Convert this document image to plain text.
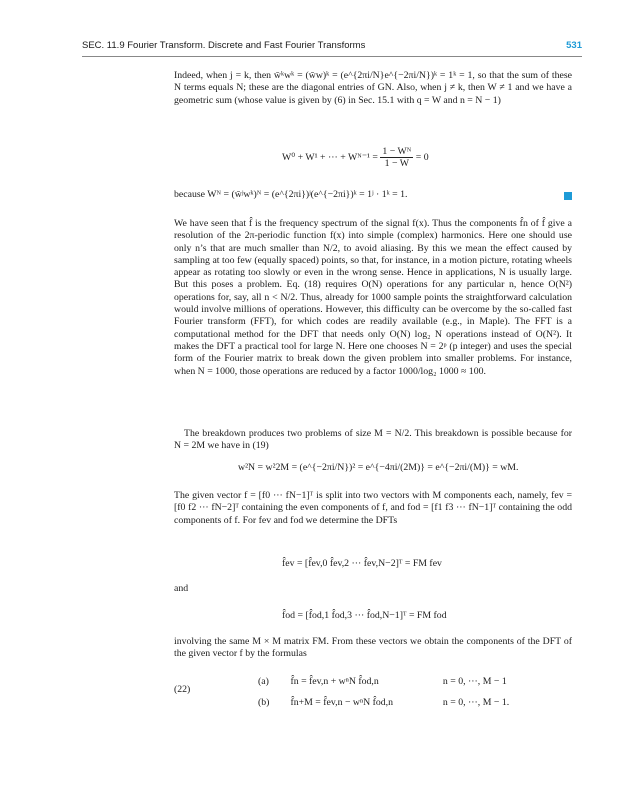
SEC. 11.9 Fourier Transform. Discrete and Fast Fourier Transforms	531

Indeed, when j = k, then w̄ᵏwᵏ = (w̄w)ᵏ = (e^{2πi/N}e^{−2πi/N})ᵏ = 1ᵏ = 1, so that the sum of these N terms equals N; these are the diagonal entries of GN. Also, when j ≠ k, then W ≠ 1 and we have a geometric sum (whose value is given by (6) in Sec. 15.1 with q = W and n = N − 1)

W⁰ + W¹ + ··· + Wᴺ⁻¹ = $\frac{\text{1 − Wᴺ}}{1 - W} = 0$

because Wᴺ = (w̄ʲwᵏ)ᴺ = (e^{2πi})ʲ(e^{−2πi})ᵏ = 1ʲ · 1ᵏ = 1.

We have seen that f̂ is the frequency spectrum of the signal f(x). Thus the components f̂n of f̂ give a resolution of the 2π-periodic function f(x) into simple (complex) harmonics. Here one should use only n’s that are much smaller than N/2, to avoid aliasing. By this we mean the effect caused by sampling at too few (equally spaced) points, so that, for instance, in a motion picture, rotating wheels appear as rotating too slowly or even in the wrong sense. Hence in applications, N is usually large. But this poses a problem. Eq. (18) requires O(N) operations for any particular n, hence O(N²) operations for, say, all n < N/2. Thus, already for 1000 sample points the straightforward calculation would involve millions of operations. However, this difficulty can be overcome by the so-called fast Fourier transform (FFT), for which codes are readily available (e.g., in Maple). The FFT is a computational method for the DFT that needs only O(N) log₂ N operations instead of O(N²). It makes the DFT a practical tool for large N. Here one chooses N = 2ᵖ (p integer) and uses the special form of the Fourier matrix to break down the given problem into smaller problems. For instance, when N = 1000, those operations are reduced by a factor 1000/log₂ 1000 ≈ 100.

The breakdown produces two problems of size M = N/2. This breakdown is possible because for N = 2M we have in (19)

w²N = w²2M = (e^{−2πi/N})² = e^{−4πi/(2M)} = e^{−2πi/(M)} = wM.

The given vector f = [f0 ··· fN−1]ᵀ is split into two vectors with M components each, namely, fev = [f0 f2 ··· fN−2]ᵀ containing the even components of f, and fod = [f1 f3 ··· fN−1]ᵀ containing the odd components of f. For fev and fod we determine the DFTs

f̂ev = [f̂ev,0 f̂ev,2 ··· f̂ev,N−2]ᵀ = FM fev

and

f̂od = [f̂od,1 f̂od,3 ··· f̂od,N−1]ᵀ = FM fod

involving the same M × M matrix FM. From these vectors we obtain the components of the DFT of the given vector f by the formulas

(22)
(a) f̂n = f̂ev,n + wⁿN f̂od,n	n = 0, ···, M − 1
(b) f̂n+M = f̂ev,n − wⁿN f̂od,n	n = 0, ···, M − 1.
